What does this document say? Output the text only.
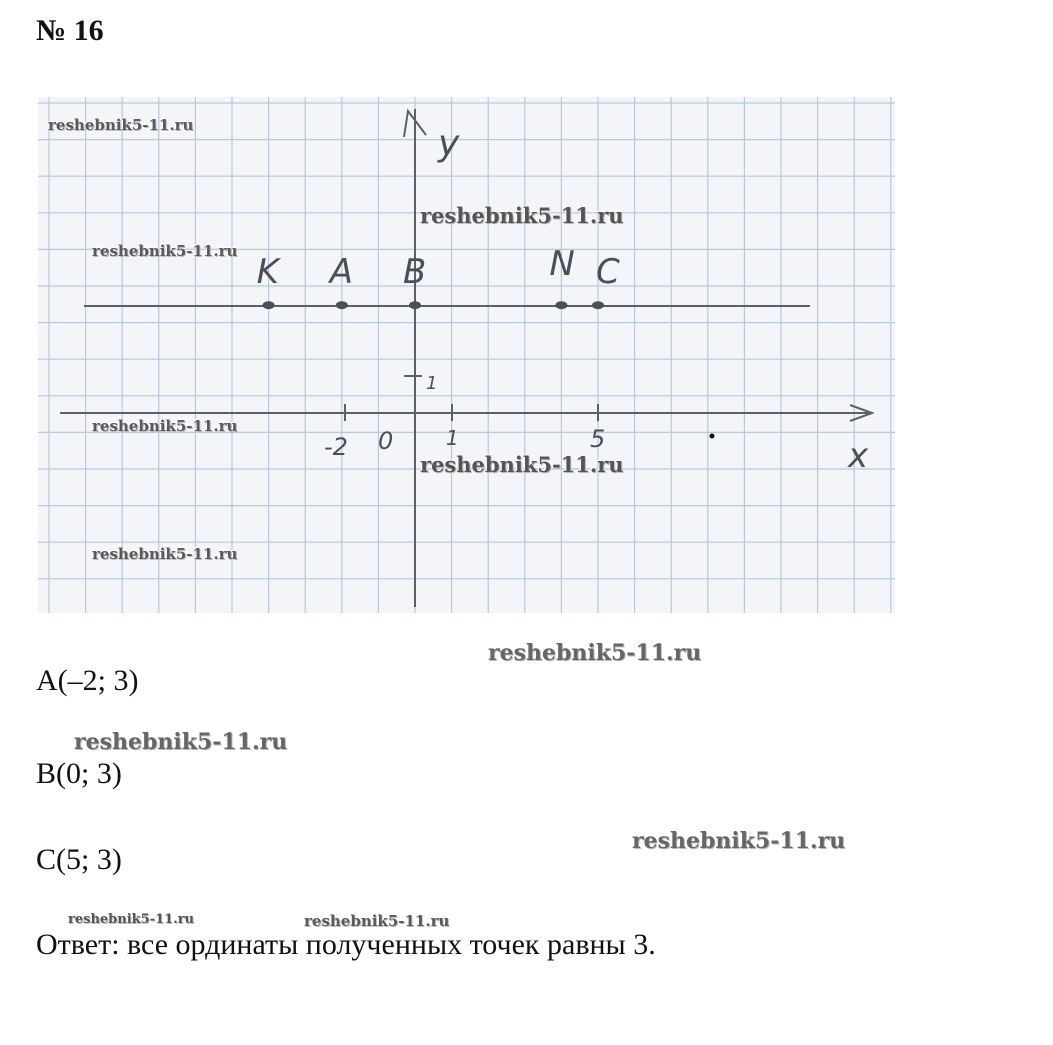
№ 16
y
x
0
-2	1	5
1
K A B	N C
reshebnik5-11.ru
reshebnik5-11.ru
reshebnik5-11.ru
reshebnik5-11.ru
reshebnik5-11.ru
reshebnik5-11.ru
reshebnik5-11.ru
reshebnik5-11.ru
reshebnik5-11.ru
reshebnik5-11.ru	reshebnik5-11.ru
A(–2; 3)
B(0; 3)
C(5; 3)
Ответ: все ординаты полученных точек равны 3.
